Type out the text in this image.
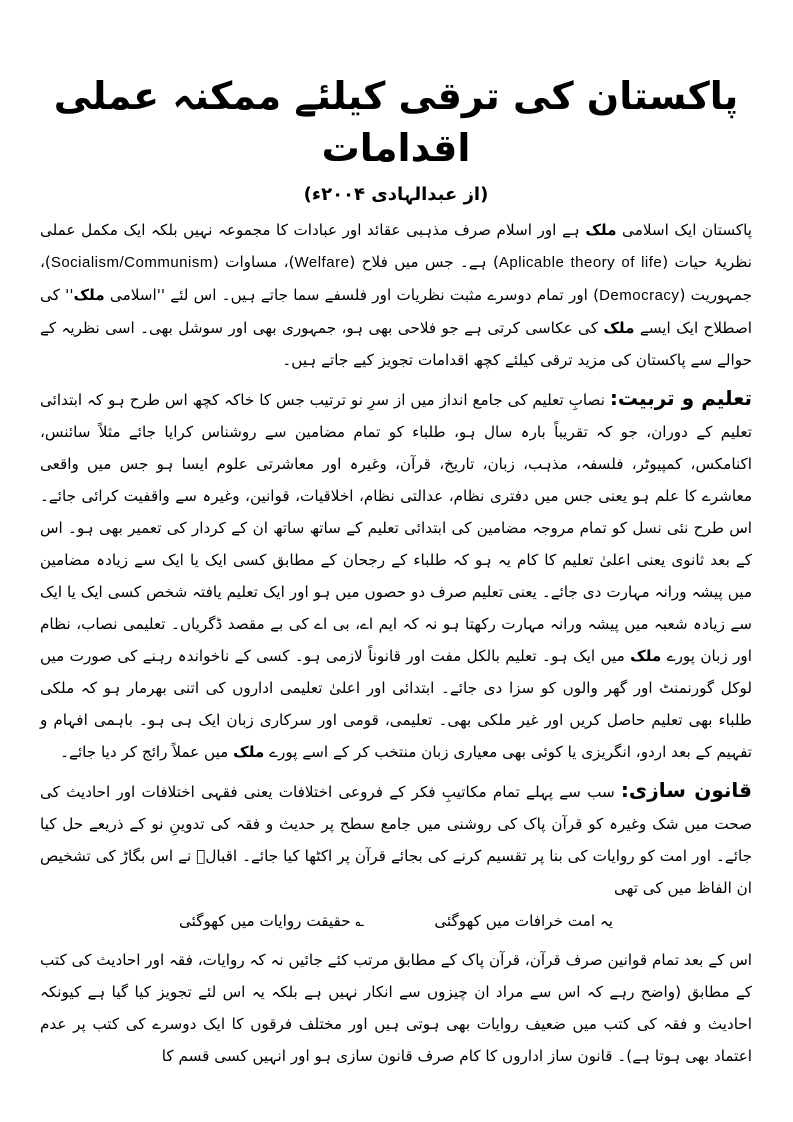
پاکستان کی ترقی کیلئے ممکنہ عملی اقدامات
(از عبدالہادی ۲۰۰۴ء)

پاکستان ایک اسلامی ملک ہے اور اسلام صرف مذہبی عقائد اور عبادات کا مجموعہ نہیں بلکہ ایک مکمل عملی نظریۂ حیات (Aplicable theory of life) ہے۔ جس میں فلاح (Welfare)، مساوات (Socialism/Communism)، جمہوریت (Democracy) اور تمام دوسرے مثبت نظریات اور فلسفے سما جاتے ہیں۔ اس لئے ''اسلامی ملک'' کی اصطلاح ایک ایسے ملک کی عکاسی کرتی ہے جو فلاحی بھی ہو، جمہوری بھی اور سوشل بھی۔ اسی نظریہ کے حوالے سے پاکستان کی مزید ترقی کیلئے کچھ اقدامات تجویز کیے جاتے ہیں۔

تعلیم و تربیت: نصابِ تعلیم کی جامع انداز میں از سرِ نو ترتیب جس کا خاکہ کچھ اس طرح ہو کہ ابتدائی تعلیم کے دوران، جو کہ تقریباً بارہ سال ہو، طلباء کو تمام مضامین سے روشناس کرایا جائے مثلاً سائنس، اکنامکس، کمپیوٹر، فلسفہ، مذہب، زبان، تاریخ، قرآن، وغیرہ اور معاشرتی علوم ایسا ہو جس میں واقعی معاشرے کا علم ہو یعنی جس میں دفتری نظام، عدالتی نظام، اخلاقیات، قوانین، وغیرہ سے واقفیت کرائی جائے۔ اس طرح نئی نسل کو تمام مروجہ مضامین کی ابتدائی تعلیم کے ساتھ ساتھ ان کے کردار کی تعمیر بھی ہو۔ اس کے بعد ثانوی یعنی اعلیٰ تعلیم کا کام یہ ہو کہ طلباء کے رجحان کے مطابق کسی ایک یا ایک سے زیادہ مضامین میں پیشہ ورانہ مہارت دی جائے۔ یعنی تعلیم صرف دو حصوں میں ہو اور ایک تعلیم یافتہ شخص کسی ایک یا ایک سے زیادہ شعبہ میں پیشہ ورانہ مہارت رکھتا ہو نہ کہ ایم اے، بی اے کی بے مقصد ڈگریاں۔ تعلیمی نصاب، نظام اور زبان پورے ملک میں ایک ہو۔ تعلیم بالکل مفت اور قانوناً لازمی ہو۔ کسی کے ناخواندہ رہنے کی صورت میں لوکل گورنمنٹ اور گھر والوں کو سزا دی جائے۔ ابتدائی اور اعلیٰ تعلیمی اداروں کی اتنی بھرمار ہو کہ ملکی طلباء بھی تعلیم حاصل کریں اور غیر ملکی بھی۔ تعلیمی، قومی اور سرکاری زبان ایک ہی ہو۔ باہمی افہام و تفہیم کے بعد اردو، انگریزی یا کوئی بھی معیاری زبان منتخب کر کے اسے پورے ملک میں عملاً رائج کر دیا جائے۔

قانون سازی: سب سے پہلے تمام مکاتیبِ فکر کے فروعی اختلافات یعنی فقہی اختلافات اور احادیث کی صحت میں شک وغیرہ کو قرآن پاک کی روشنی میں جامع سطح پر حدیث و فقہ کی تدوینِ نو کے ذریعے حل کیا جائے۔ اور امت کو روایات کی بنا پر تقسیم کرنے کی بجائے قرآن پر اکٹھا کیا جائے۔ اقبالؒ نے اس بگاڑ کی تشخیص ان الفاظ میں کی تھی

یہ امت خرافات میں کھوگئی
؎ حقیقت روایات میں کھوگئی

اس کے بعد تمام قوانین صرف قرآن، قرآن پاک کے مطابق مرتب کئے جائیں نہ کہ روایات، فقہ اور احادیث کی کتب کے مطابق (واضح رہے کہ اس سے مراد ان چیزوں سے انکار نہیں ہے بلکہ یہ اس لئے تجویز کیا گیا ہے کیونکہ احادیث و فقہ کی کتب میں ضعیف روایات بھی ہوتی ہیں اور مختلف فرقوں کا ایک دوسرے کی کتب پر عدم اعتماد بھی ہوتا ہے)۔ قانون ساز اداروں کا کام صرف قانون سازی ہو اور انہیں کسی قسم کا
